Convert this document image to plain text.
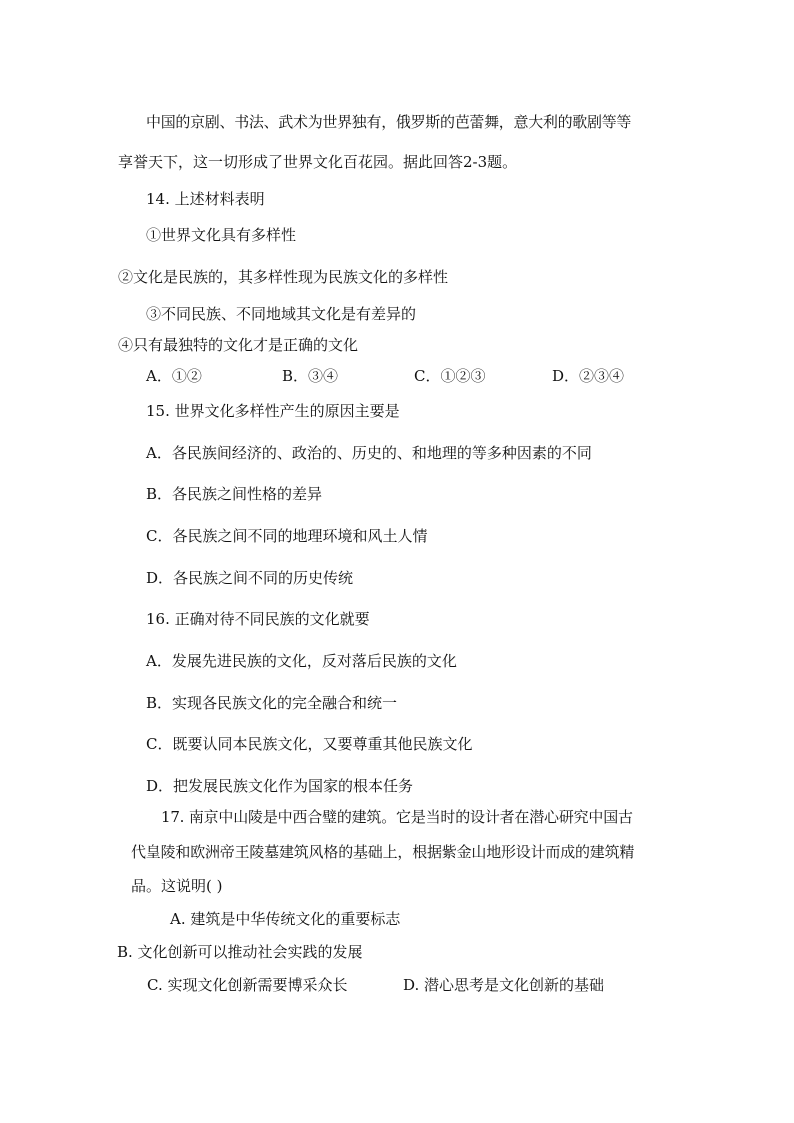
中国的京剧、书法、武术为世界独有，俄罗斯的芭蕾舞，意大利的歌剧等等
享誉天下，这一切形成了世界文化百花园。据此回答2-3题。
14. 上述材料表明
①世界文化具有多样性
②文化是民族的，其多样性现为民族文化的多样性
③不同民族、不同地域其文化是有差异的
④只有最独特的文化才是正确的文化
A．①②	B．③④	C．①②③	D．②③④
15. 世界文化多样性产生的原因主要是
A．各民族间经济的、政治的、历史的、和地理的等多种因素的不同
B．各民族之间性格的差异
C．各民族之间不同的地理环境和风土人情
D．各民族之间不同的历史传统
16. 正确对待不同民族的文化就要
A．发展先进民族的文化，反对落后民族的文化
B．实现各民族文化的完全融合和统一
C．既要认同本民族文化，又要尊重其他民族文化
D．把发展民族文化作为国家的根本任务
17. 南京中山陵是中西合璧的建筑。它是当时的设计者在潜心研究中国古
代皇陵和欧洲帝王陵墓建筑风格的基础上，根据紫金山地形设计而成的建筑精
品。这说明( )
A. 建筑是中华传统文化的重要标志
B. 文化创新可以推动社会实践的发展
C. 实现文化创新需要博采众长	D. 潜心思考是文化创新的基础
